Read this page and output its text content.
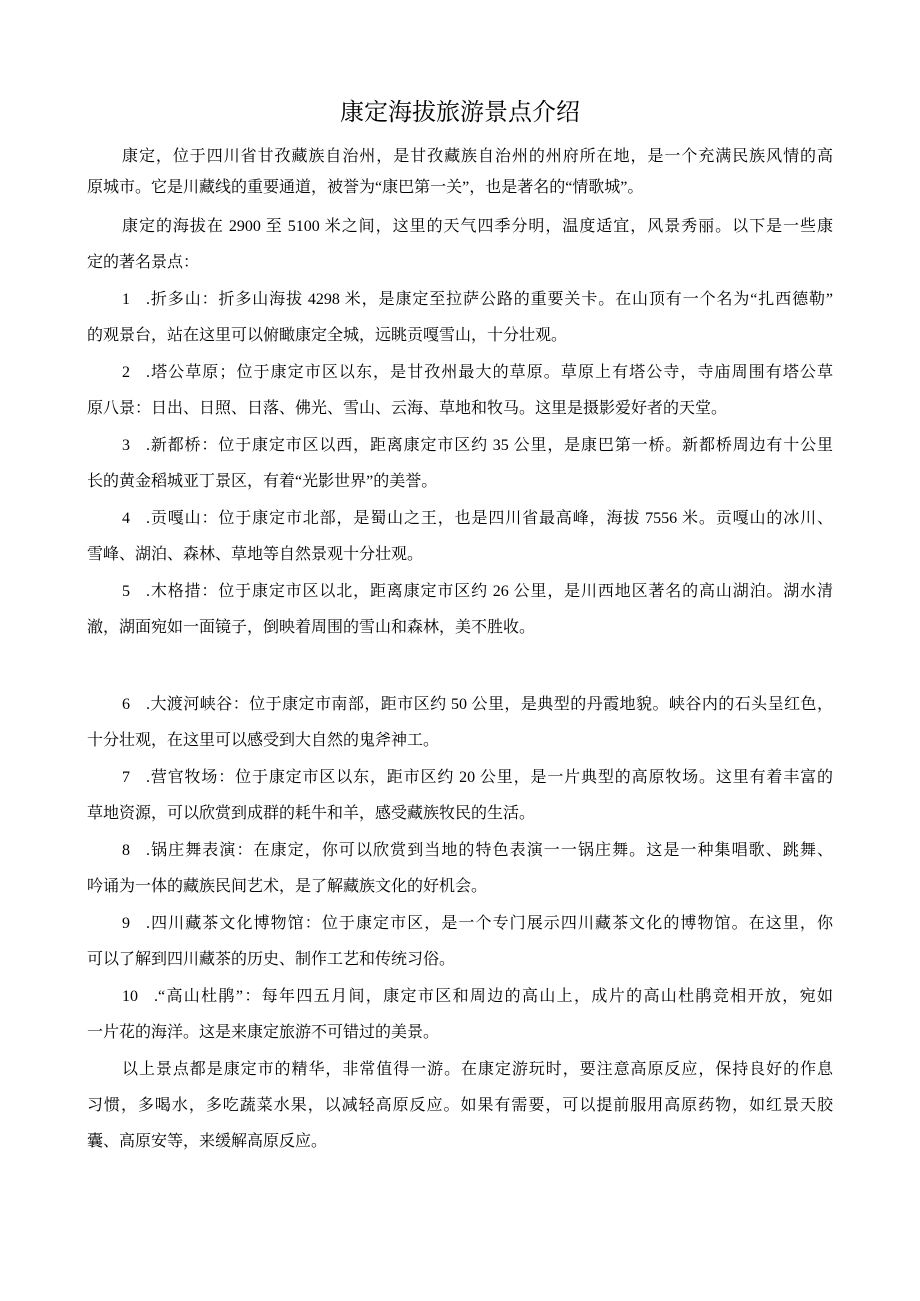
康定海拔旅游景点介绍
康定，位于四川省甘孜藏族自治州，是甘孜藏族自治州的州府所在地，是一个充满民族风情的高
原城市。它是川藏线的重要通道，被誉为“康巴第一关”，也是著名的“情歌城”。
康定的海拔在 2900 至 5100 米之间，这里的天气四季分明，温度适宜，风景秀丽。以下是一些康
定的著名景点：
1 .折多山：折多山海拔 4298 米，是康定至拉萨公路的重要关卡。在山顶有一个名为“扎西德勒”
的观景台，站在这里可以俯瞰康定全城，远眺贡嘎雪山，十分壮观。
2 .塔公草原；位于康定市区以东，是甘孜州最大的草原。草原上有塔公寺，寺庙周围有塔公草
原八景：日出、日照、日落、佛光、雪山、云海、草地和牧马。这里是摄影爱好者的天堂。
3 .新都桥：位于康定市区以西，距离康定市区约 35 公里，是康巴第一桥。新都桥周边有十公里
长的黄金稻城亚丁景区，有着“光影世界”的美誉。
4 .贡嘎山：位于康定市北部，是蜀山之王，也是四川省最高峰，海拔 7556 米。贡嘎山的冰川、
雪峰、湖泊、森林、草地等自然景观十分壮观。
5 .木格措：位于康定市区以北，距离康定市区约 26 公里，是川西地区著名的高山湖泊。湖水清
澈，湖面宛如一面镜子，倒映着周围的雪山和森林，美不胜收。
6 .大渡河峡谷：位于康定市南部，距市区约 50 公里，是典型的丹霞地貌。峡谷内的石头呈红色，
十分壮观，在这里可以感受到大自然的鬼斧神工。
7 .营官牧场：位于康定市区以东，距市区约 20 公里，是一片典型的高原牧场。这里有着丰富的
草地资源，可以欣赏到成群的耗牛和羊，感受藏族牧民的生活。
8 .锅庄舞表演：在康定，你可以欣赏到当地的特色表演一一锅庄舞。这是一种集唱歌、跳舞、
吟诵为一体的藏族民间艺术，是了解藏族文化的好机会。
9 .四川藏茶文化博物馆：位于康定市区，是一个专门展示四川藏茶文化的博物馆。在这里，你
可以了解到四川藏茶的历史、制作工艺和传统习俗。
10 .“高山杜鹃”：每年四五月间，康定市区和周边的高山上，成片的高山杜鹃竞相开放，宛如
一片花的海洋。这是来康定旅游不可错过的美景。
以上景点都是康定市的精华，非常值得一游。在康定游玩时，要注意高原反应，保持良好的作息
习惯，多喝水，多吃蔬菜水果，以减轻高原反应。如果有需要，可以提前服用高原药物，如红景天胶
囊、高原安等，来缓解高原反应。
